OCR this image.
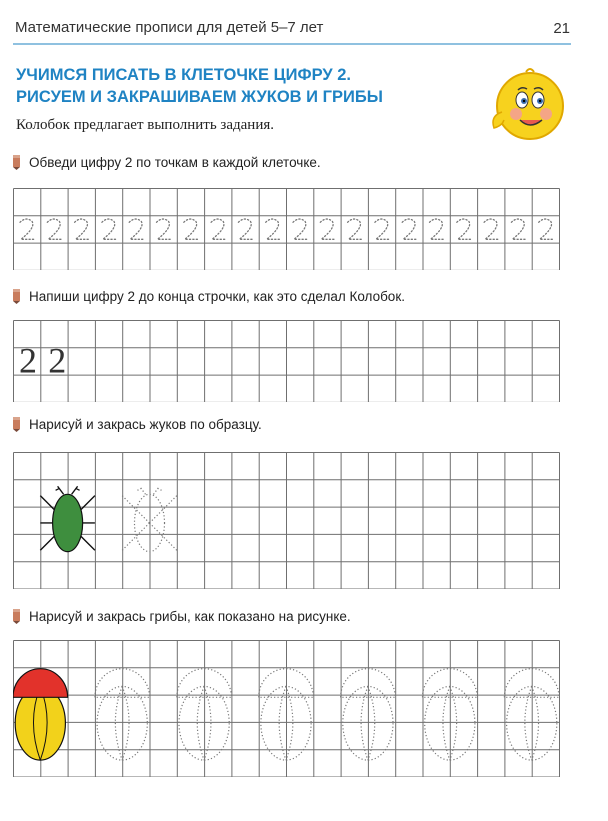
Математические прописи для детей 5–7 лет	21
УЧИМСЯ ПИСАТЬ В КЛЕТОЧКЕ ЦИФРУ 2.
РИСУЕМ И ЗАКРАШИВАЕМ ЖУКОВ И ГРИБЫ
Колобок предлагает выполнить задания.
Обведи цифру 2 по точкам в каждой клеточке.
Напиши цифру 2 до конца строчки, как это сделал Колобок.
2 2
Нарисуй и закрась жуков по образцу.
Нарисуй и закрась грибы, как показано на рисунке.
